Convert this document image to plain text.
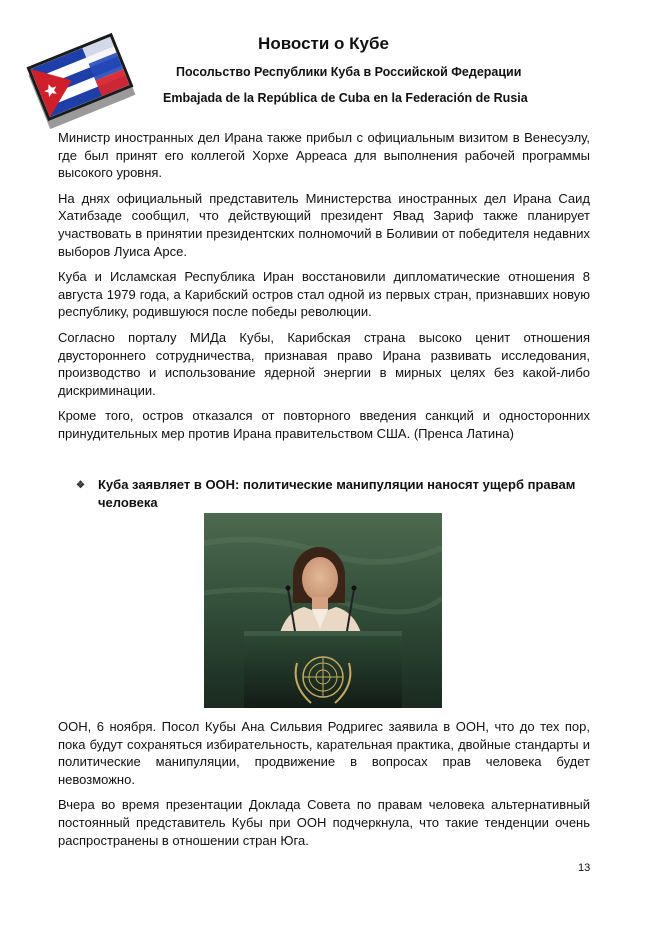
Новости о Кубе
Посольство Республики Куба в Российской Федерации
Embajada de la República de Cuba en la Federación de Rusia

Министр иностранных дел Ирана также прибыл с официальным визитом в Венесуэлу, где был принят его коллегой Хорхе Арреаса для выполнения рабочей программы высокого уровня.

На днях официальный представитель Министерства иностранных дел Ирана Саид Хатибзаде сообщил, что действующий президент Явад Зариф также планирует участвовать в принятии президентских полномочий в Боливии от победителя недавних выборов Луиса Арсе.

Куба и Исламская Республика Иран восстановили дипломатические отношения 8 августа 1979 года, а Карибский остров стал одной из первых стран, признавших новую республику, родившуюся после победы революции.

Согласно порталу МИДа Кубы, Карибская страна высоко ценит отношения двустороннего сотрудничества, признавая право Ирана развивать исследования, производство и использование ядерной энергии в мирных целях без какой-либо дискриминации.

Кроме того, остров отказался от повторного введения санкций и односторонних принудительных мер против Ирана правительством США. (Пренса Латина)

❖	Куба заявляет в ООН: политические манипуляции наносят ущерб правам человека

ООН, 6 ноября. Посол Кубы Ана Сильвия Родригес заявила в ООН, что до тех пор, пока будут сохраняться избирательность, карательная практика, двойные стандарты и политические манипуляции, продвижение в вопросах прав человека будет невозможно.

Вчера во время презентации Доклада Совета по правам человека альтернативный постоянный представитель Кубы при ООН подчеркнула, что такие тенденции очень распространены в отношении стран Юга.

13
